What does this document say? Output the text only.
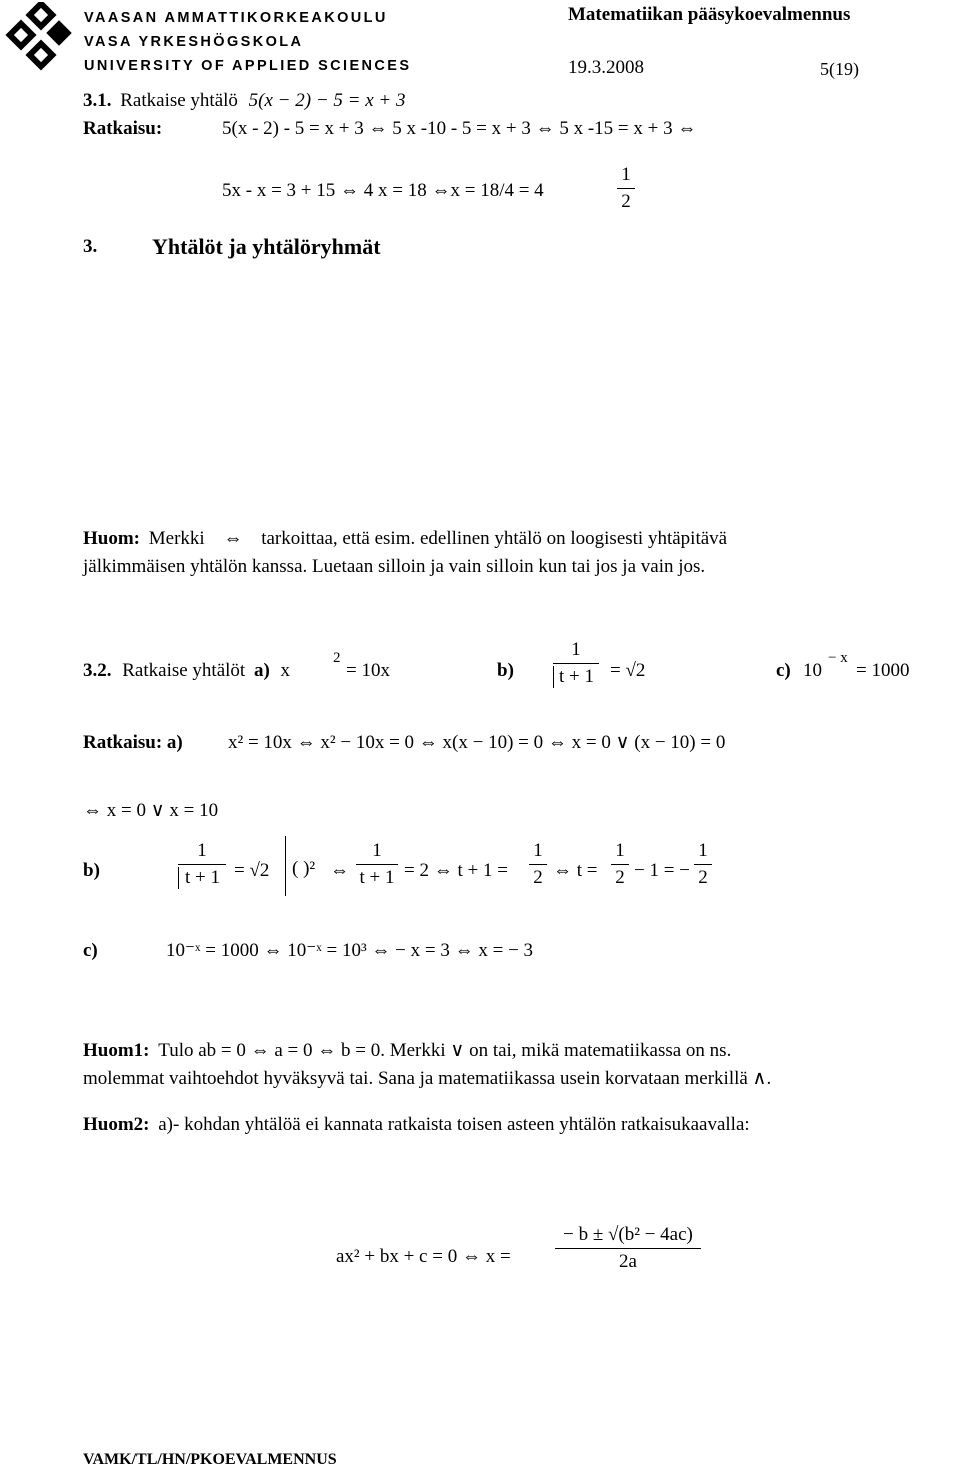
VAASAN AMMATTIKORKEAKOULU
VASA YRKESHÖGSKOLA
UNIVERSITY OF APPLIED SCIENCES
Matematiikan pääsykoevalmennus
19.3.2008	5(19)
3. Yhtälöt ja yhtälöryhmät
3.1. Ratkaise yhtälö 5(x − 2) − 5 = x + 3
Ratkaisu:	5(x - 2) - 5 = x + 3 ⇔ 5 x -10 - 5 = x + 3 ⇔ 5 x -15 = x + 3 ⇔
5x - x = 3 + 15 ⇔ 4 x = 18 ⇔x = 18/4 = 4
1
2
Huom: Merkki ⇔ tarkoittaa, että esim. edellinen yhtälö on loogisesti yhtäpitävä
jälkimmäisen yhtälön kanssa. Luetaan silloin ja vain silloin kun tai jos ja vain jos.
3.2. Ratkaise yhtälöt a) x
2
= 10x	b)
1
t + 1 = √2	c) 10
− x
= 1000
Ratkaisu: a) x² = 10x ⇔ x² − 10x = 0 ⇔ x(x − 10) = 0 ⇔ x = 0 ∨ (x − 10) = 0
⇔ x = 0 ∨ x = 10
b)
1
t + 1 = √2 ( )² ⇔
1
t + 1 = 2 ⇔ t + 1 =
1
2 ⇔ t =
1
2 − 1 = −
1
2
c)	10⁻ˣ = 1000 ⇔ 10⁻ˣ = 10³ ⇔ − x = 3 ⇔ x = − 3
Huom1: Tulo ab = 0 ⇔ a = 0 ⇔ b = 0. Merkki ∨ on tai, mikä matematiikassa on ns.
molemmat vaihtoehdot hyväksyvä tai. Sana ja matematiikassa usein korvataan merkillä ∧.
Huom2: a)- kohdan yhtälöä ei kannata ratkaista toisen asteen yhtälön ratkaisukaavalla:
ax² + bx + c = 0 ⇔ x =
− b ± √(b² − 4ac)
2a
VAMK/TL/HN/PKOEVALMENNUS
